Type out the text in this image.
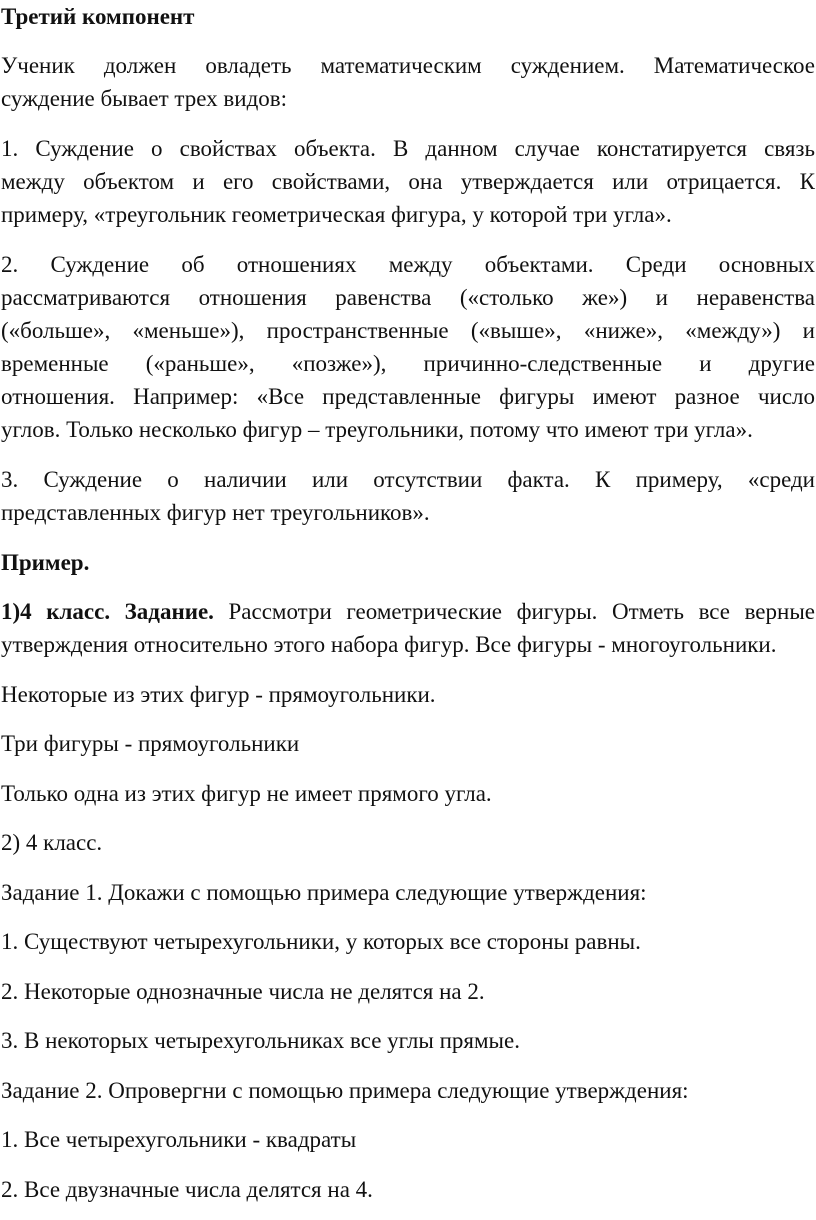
Третий компонент

Ученик должен овладеть математическим суждением. Математическое

суждение бывает трех видов:

1. Суждение о свойствах объекта. В данном случае констатируется связь

между объектом и его свойствами, она утверждается или отрицается. К

примеру, «треугольник геометрическая фигура, у которой три угла».

2. Суждение об отношениях между объектами. Среди основных

рассматриваются отношения равенства («столько же») и неравенства

(«больше», «меньше»), пространственные («выше», «ниже», «между») и

временные («раньше», «позже»), причинно-следственные и другие

отношения. Например: «Все представленные фигуры имеют разное число

углов. Только несколько фигур – треугольники, потому что имеют три угла».

3. Суждение о наличии или отсутствии факта. К примеру, «среди

представленных фигур нет треугольников».

Пример.

1)4 класс. Задание. Рассмотри геометрические фигуры. Отметь все верные

утверждения относительно этого набора фигур. Все фигуры - многоугольники.

Некоторые из этих фигур - прямоугольники.

Три фигуры - прямоугольники

Только одна из этих фигур не имеет прямого угла.

2) 4 класс.

Задание 1. Докажи с помощью примера следующие утверждения:

1. Существуют четырехугольники, у которых все стороны равны.

2. Некоторые однозначные числа не делятся на 2.

3. В некоторых четырехугольниках все углы прямые.

Задание 2. Опровергни с помощью примера следующие утверждения:

1. Все четырехугольники - квадраты

2. Все двузначные числа делятся на 4.
